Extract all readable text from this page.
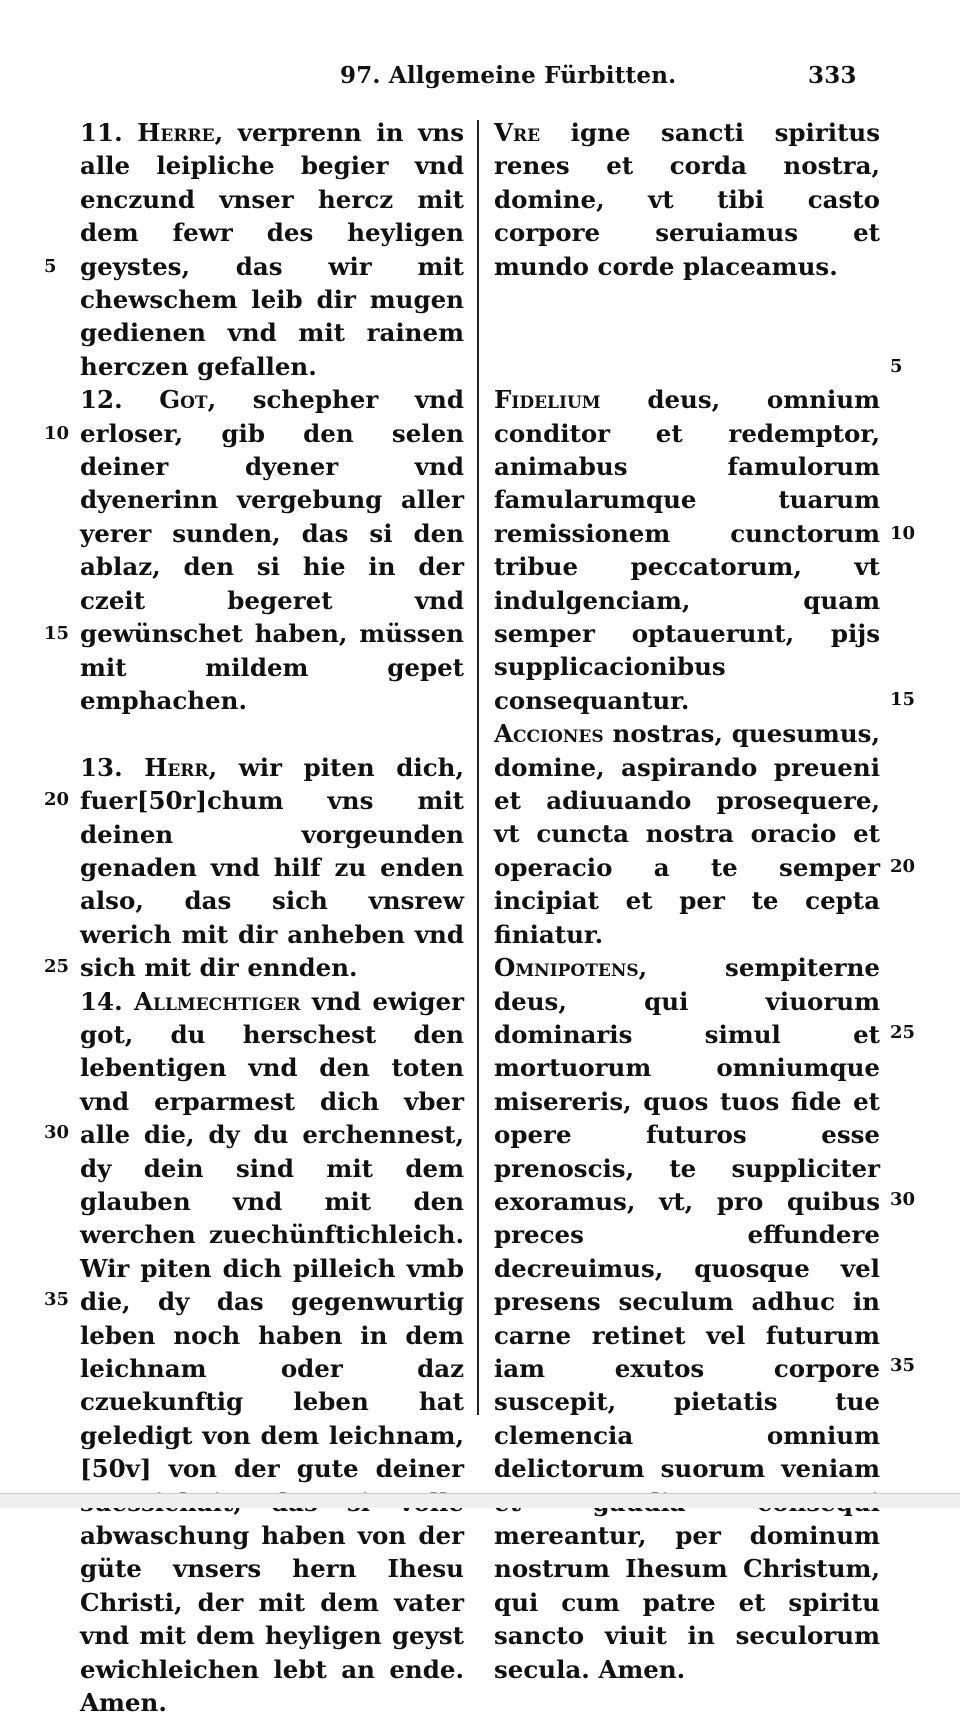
97. Allgemeine Fürbitten.	333

11. Herre, verprenn in vns alle leipliche begier vnd enczund vnser hercz mit dem fewr des heyligen geystes, das wir mit chewschem leib dir mugen gedienen vnd mit rainem herczen gefallen.

12. Got, schepher vnd erloser, gib den selen deiner dyener vnd dyenerinn vergebung aller yerer sunden, das si den ablaz, den si hie in der czeit begeret vnd gewünschet haben, müssen mit mildem gepet emphachen.

13. Herr, wir piten dich, fuer[50r]chum vns mit deinen vorgeunden genaden vnd hilf zu enden also, das sich vnsrew werich mit dir anheben vnd sich mit dir ennden.

14. Allmechtiger vnd ewiger got, du herschest den lebentigen vnd den toten vnd erparmest dich vber alle die, dy du erchennest, dy dein sind mit dem glauben vnd mit den werchen zuechünftichleich. Wir piten dich pilleich vmb die, dy das gegenwurtig leben noch haben in dem leichnam oder daz czuekunftig leben hat geledigt von dem leichnam, [50v] von der gute deiner abwaschung haben von der güte vnsers hern Ihesu Christi, der mit dem vater vnd mit dem heyligen geyst ewichleichen lebt an ende. Amen.

Vre igne sancti spiritus renes et corda nostra, domine, vt tibi casto corpore seruiamus et mundo corde placeamus.

Fidelium deus, omnium conditor et redemptor, animabus famulorum famularumque tuarum remissionem cunctorum tribue peccatorum, vt indulgenciam, quam semper optauerunt, pijs supplicacionibus consequantur.

Acciones nostras, quesumus, domine, aspirando preueni et adiuuando prosequere, vt cuncta nostra oracio et operacio a te semper incipiat et per te cepta finiatur.

Omnipotens,	sempiterne deus, qui viuorum dominaris simul et mortuorum omniumque misereris, quos tuos fide et opere futuros esse prenoscis, te suppliciter exoramus, vt, pro quibus preces effundere decreuimus, quosque vel presens seculum adhuc in carne retinet vel futurum iam exutos corpore suscepit, pietatis tue clemencia omnium delictorum suorum veniam mereantur, per dominum nostrum Ihesum Christum, qui cum patre et spiritu sancto viuit in seculorum secula. Amen.

5
10
15
20
25
30
35
5
10
15
20
25
30
35
